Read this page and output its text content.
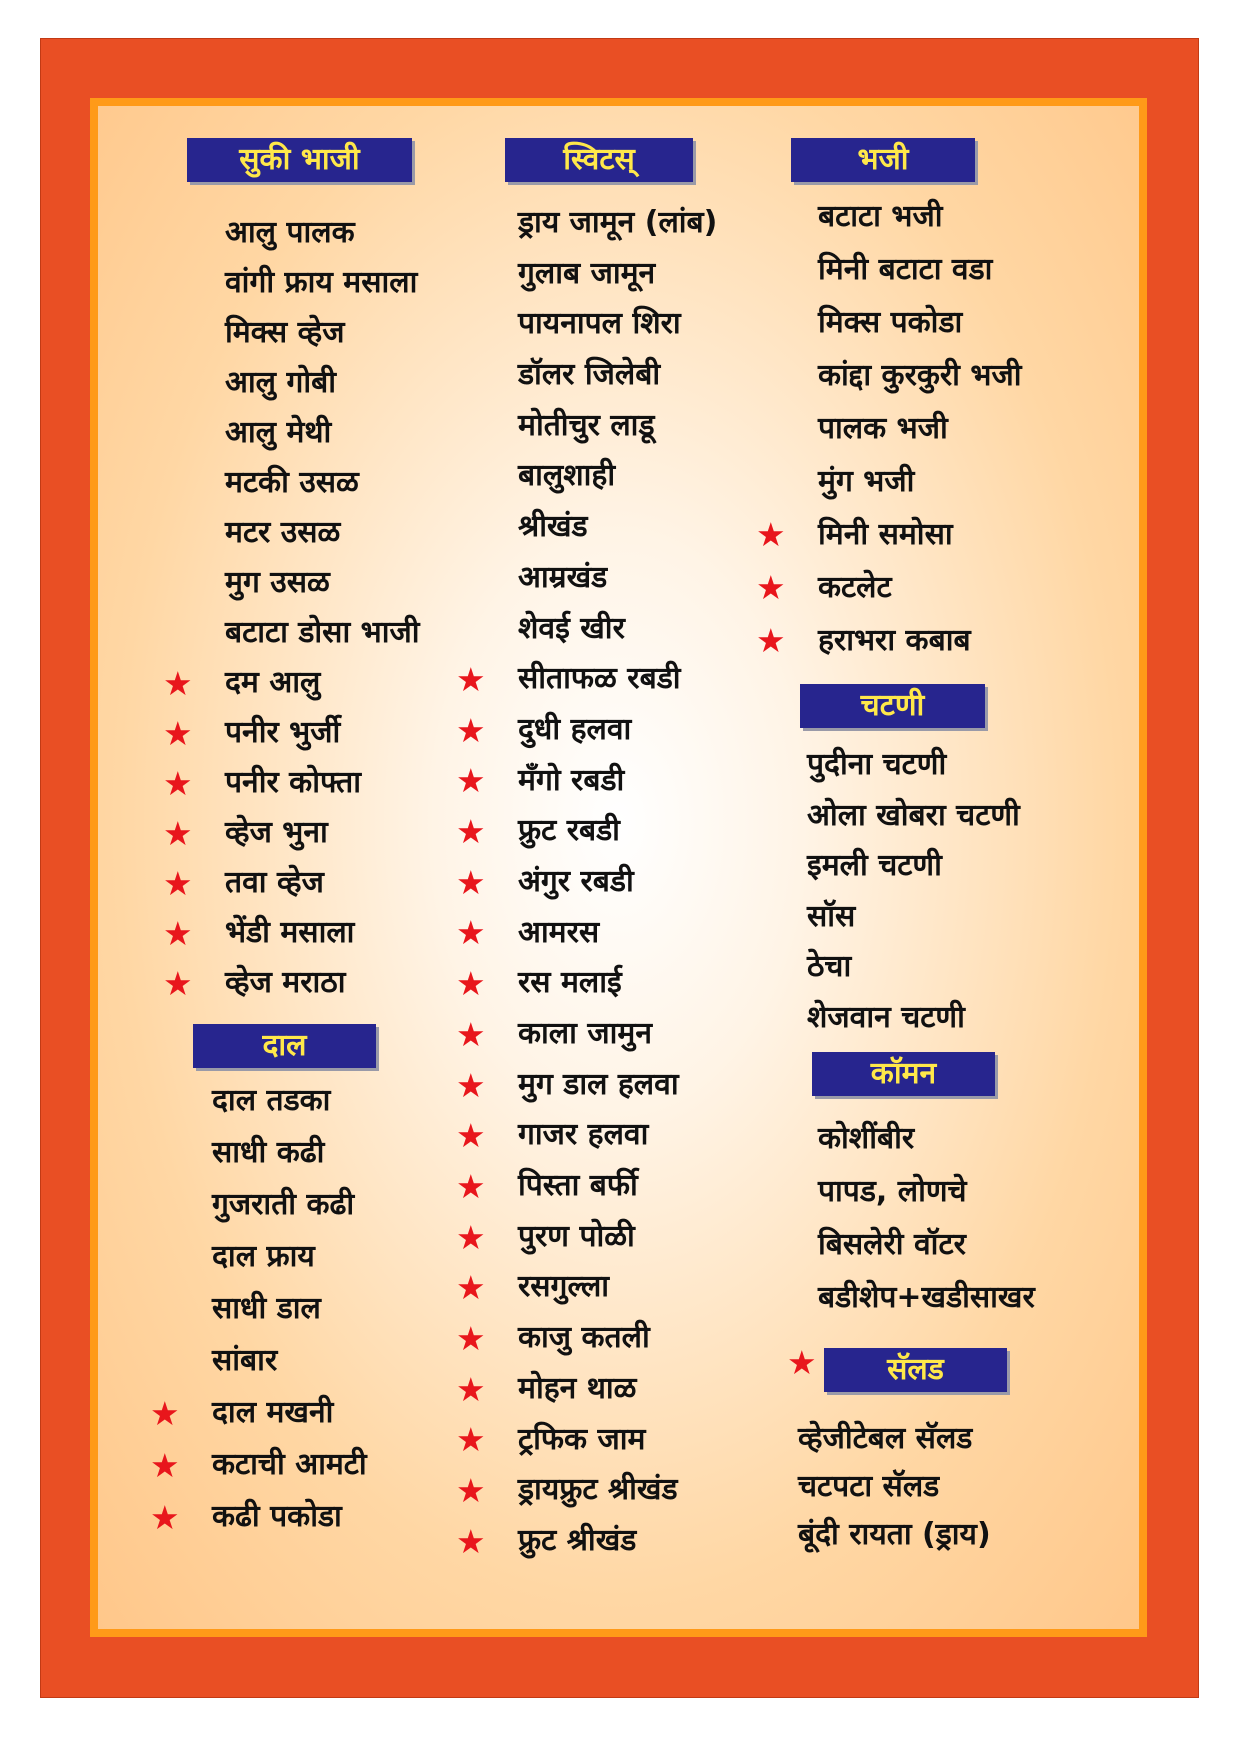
सुकी भाजी
आलु पालक
वांगी फ्राय मसाला
मिक्स व्हेज
आलु गोबी
आलु मेथी
मटकी उसळ
मटर उसळ
मुग उसळ
बटाटा डोसा भाजी
★ दम आलु
★ पनीर भुर्जी
★ पनीर कोफ्ता
★ व्हेज भुना
★ तवा व्हेज
★ भेंडी मसाला
★ व्हेज मराठा
दाल
दाल तडका
साधी कढी
गुजराती कढी
दाल फ्राय
साधी डाल
सांबार
★ दाल मखनी
★ कटाची आमटी
★ कढी पकोडा
स्विटस्
ड्राय जामून (लांब)
गुलाब जामून
पायनापल शिरा
डॉलर जिलेबी
मोतीचुर लाडू
बालुशाही
श्रीखंड
आम्रखंड
शेवई खीर
★ सीताफळ रबडी
★ दुधी हलवा
★ मँगो रबडी
★ फ्रुट रबडी
★ अंगुर रबडी
★ आमरस
★ रस मलाई
★ काला जामुन
★ मुग डाल हलवा
★ गाजर हलवा
★ पिस्ता बर्फी
★ पुरण पोळी
★ रसगुल्ला
★ काजु कतली
★ मोहन थाळ
★ ट्रफिक जाम
★ ड्रायफ्रुट श्रीखंड
★ फ्रुट श्रीखंड
भजी
बटाटा भजी
मिनी बटाटा वडा
मिक्स पकोडा
कांद्दा कुरकुरी भजी
पालक भजी
मुंग भजी
★ मिनी समोसा
★ कटलेट
★ हराभरा कबाब
चटणी
पुदीना चटणी
ओला खोबरा चटणी
इमली चटणी
सॉस
ठेचा
शेजवान चटणी
कॉमन
कोशींबीर
पापड, लोणचे
बिसलेरी वॉटर
बडीशेप+खडीसाखर
★	सॅलड
व्हेजीटेबल सॅलड
चटपटा सॅलड
बूंदी रायता (ड्राय)
